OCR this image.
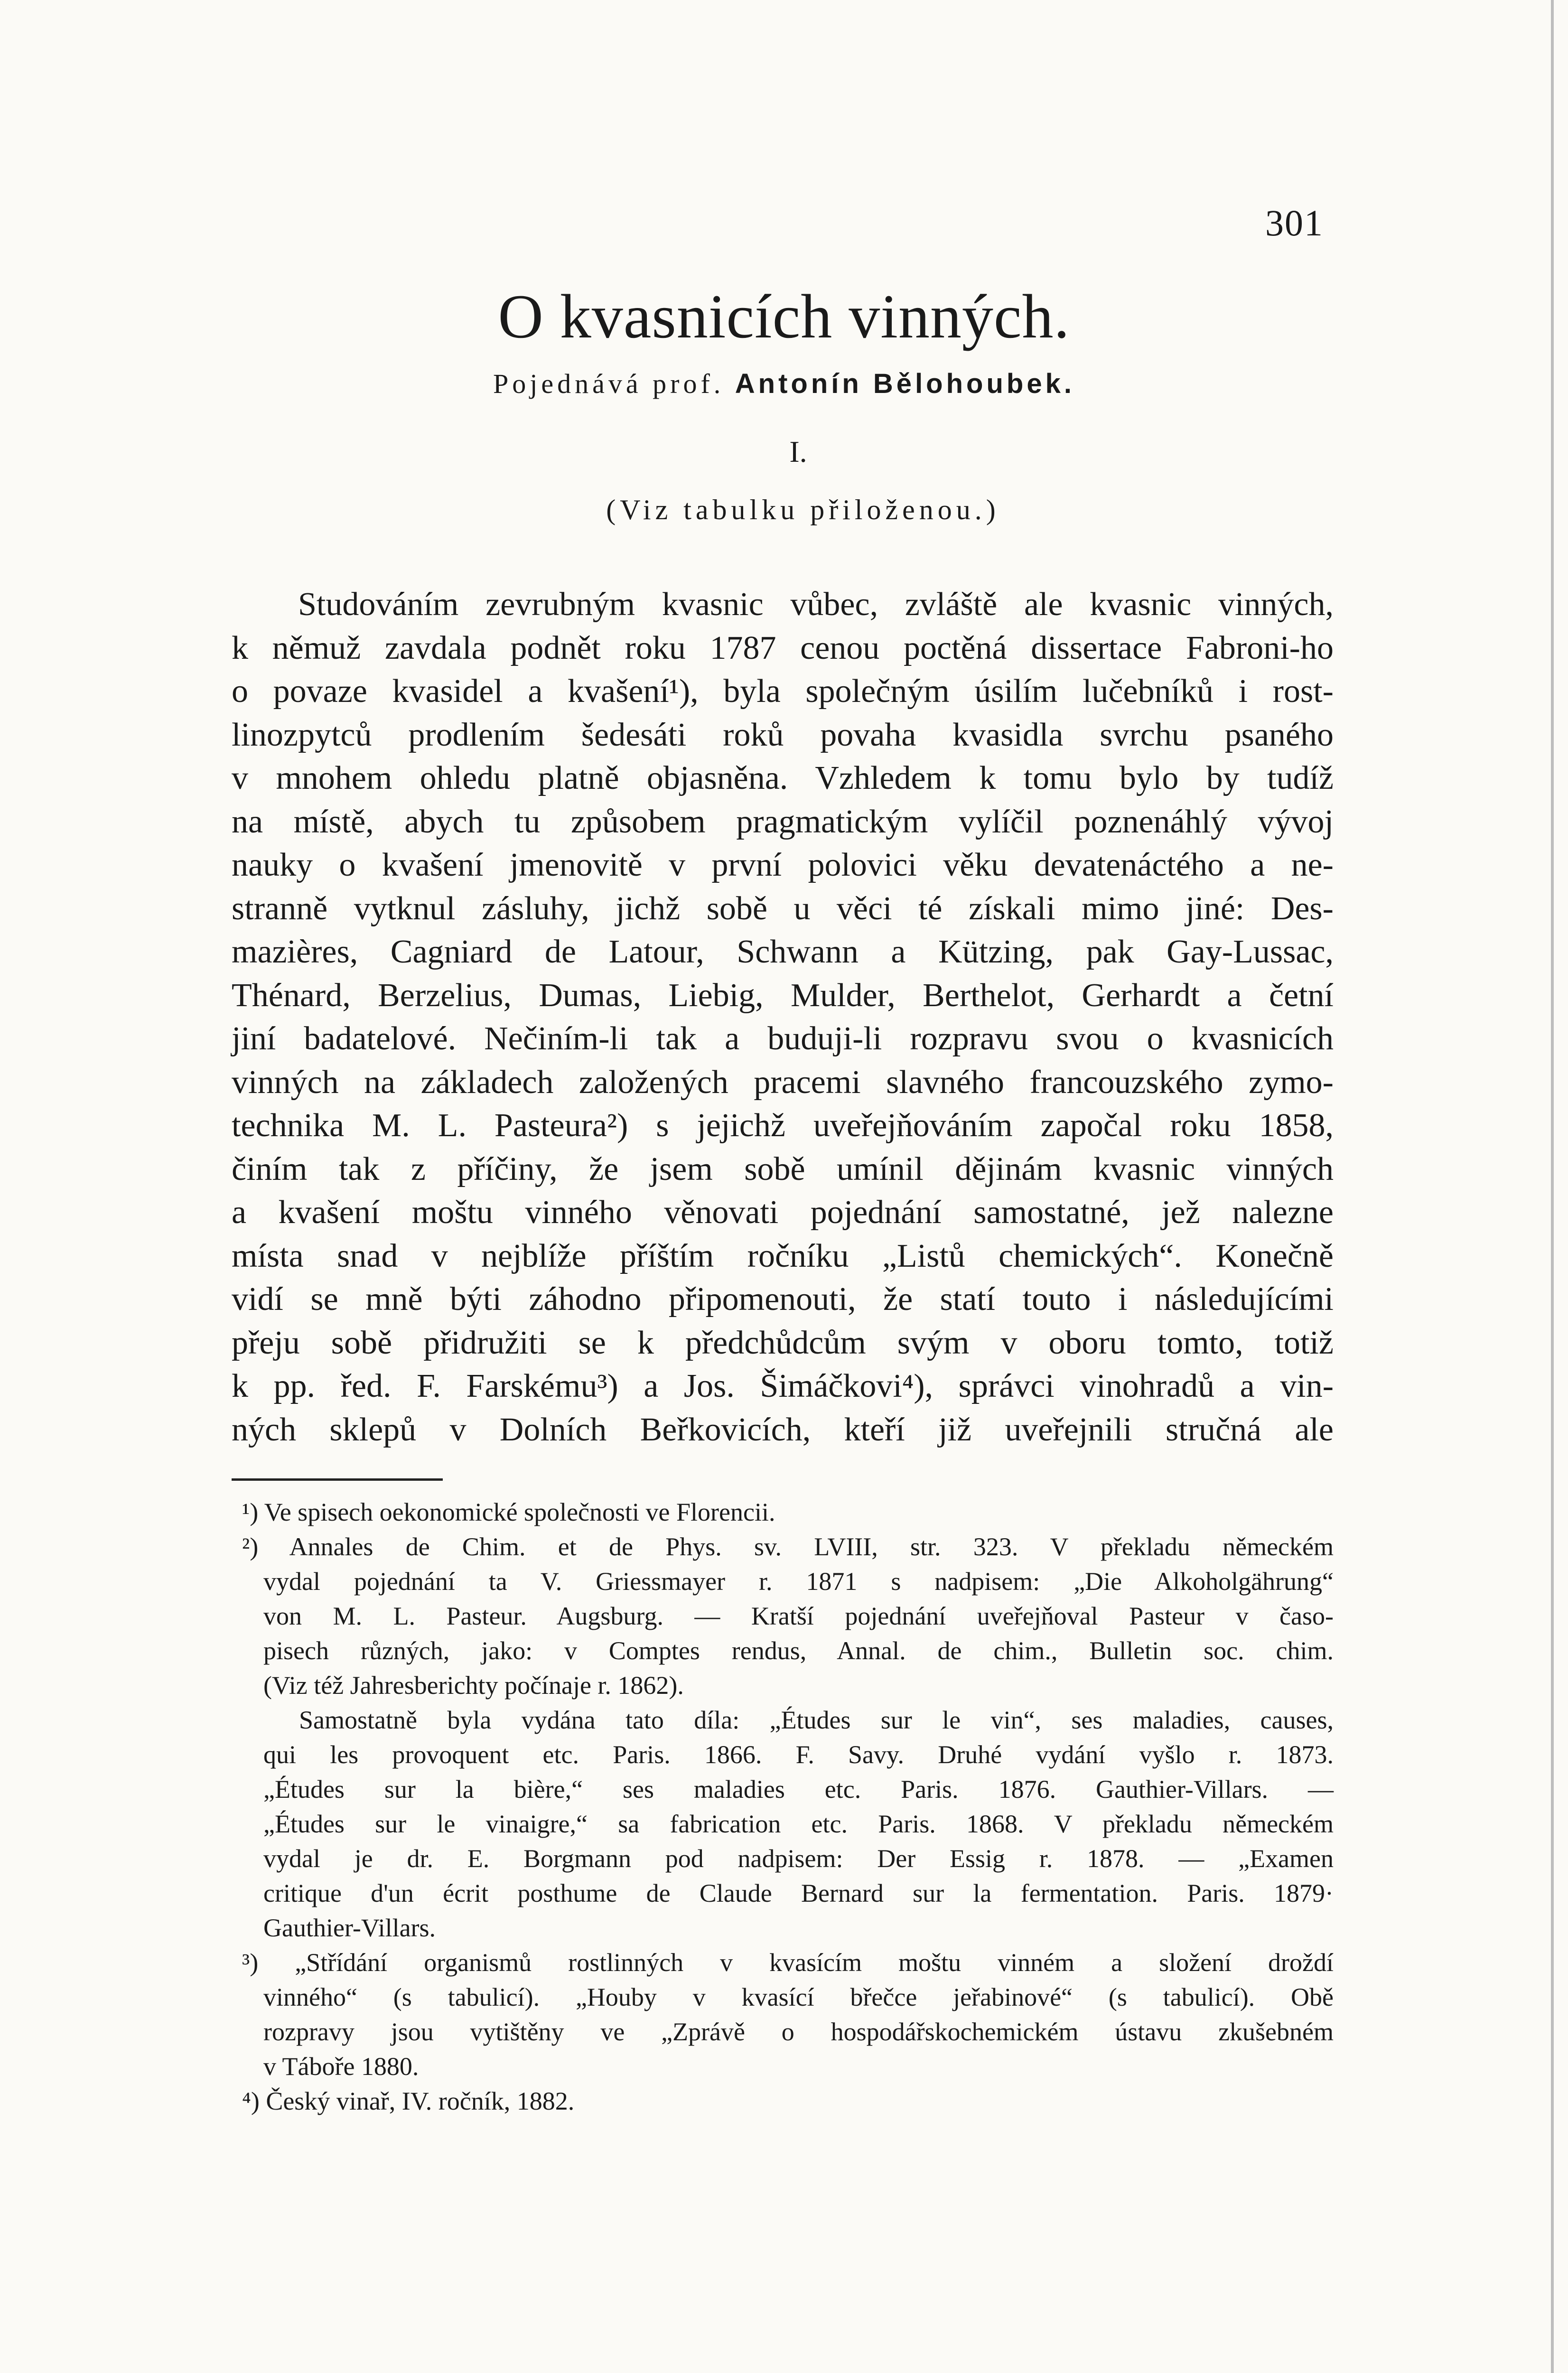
301
O kvasnicích vinných.
Pojednává prof. Antonín Bělohoubek.
I.
(Viz tabulku přiloženou.)
Studováním zevrubným kvasnic vůbec, zvláště ale kvasnic vinných,
k němuž zavdala podnět roku 1787 cenou poctěná dissertace Fabroni-ho
o povaze kvasidel a kvašení¹), byla společným úsilím lučebníků i rost-
linozpytců prodlením šedesáti roků povaha kvasidla svrchu psaného
v mnohem ohledu platně objasněna. Vzhledem k tomu bylo by tudíž
na místě, abych tu způsobem pragmatickým vylíčil poznenáhlý vývoj
nauky o kvašení jmenovitě v první polovici věku devatenáctého a ne-
stranně vytknul zásluhy, jichž sobě u věci té získali mimo jiné: Des-
mazières, Cagniard de Latour, Schwann a Kützing, pak Gay-Lussac,
Thénard, Berzelius, Dumas, Liebig, Mulder, Berthelot, Gerhardt a četní
jiní badatelové. Nečiním-li tak a buduji-li rozpravu svou o kvasnicích
vinných na základech založených pracemi slavného francouzského zymo-
technika M. L. Pasteura²) s jejichž uveřejňováním započal roku 1858,
činím tak z příčiny, že jsem sobě umínil dějinám kvasnic vinných
a kvašení moštu vinného věnovati pojednání samostatné, jež nalezne
místa snad v nejblíže příštím ročníku „Listů chemických“. Konečně
vidí se mně býti záhodno připomenouti, že statí touto i následujícími
přeju sobě přidružiti se k předchůdcům svým v oboru tomto, totiž
k pp. řed. F. Farskému³) a Jos. Šimáčkovi⁴), správci vinohradů a vin-
ných sklepů v Dolních Beřkovicích, kteří již uveřejnili stručná ale
¹) Ve spisech oekonomické společnosti ve Florencii.
²) Annales de Chim. et de Phys. sv. LVIII, str. 323. V překladu německém
vydal pojednání ta V. Griessmayer r. 1871 s nadpisem: „Die Alkoholgährung“
von M. L. Pasteur. Augsburg. — Kratší pojednání uveřejňoval Pasteur v časo-
pisech různých, jako: v Comptes rendus, Annal. de chim., Bulletin soc. chim.
(Viz též Jahresberichty počínaje r. 1862).
Samostatně byla vydána tato díla: „Études sur le vin“, ses maladies, causes,
qui les provoquent etc. Paris. 1866. F. Savy. Druhé vydání vyšlo r. 1873.
„Études sur la bière,“ ses maladies etc. Paris. 1876. Gauthier-Villars. —
„Études sur le vinaigre,“ sa fabrication etc. Paris. 1868. V překladu německém
vydal je dr. E. Borgmann pod nadpisem: Der Essig r. 1878. — „Examen
critique d'un écrit posthume de Claude Bernard sur la fermentation. Paris. 1879·
Gauthier-Villars.
³) „Střídání organismů rostlinných v kvasícím moštu vinném a složení droždí
vinného“ (s tabulicí). „Houby v kvasící břečce jeřabinové“ (s tabulicí). Obě
rozpravy jsou vytištěny ve „Zprávě o hospodářskochemickém ústavu zkušebném
v Táboře 1880.
⁴) Český vinař, IV. ročník, 1882.
